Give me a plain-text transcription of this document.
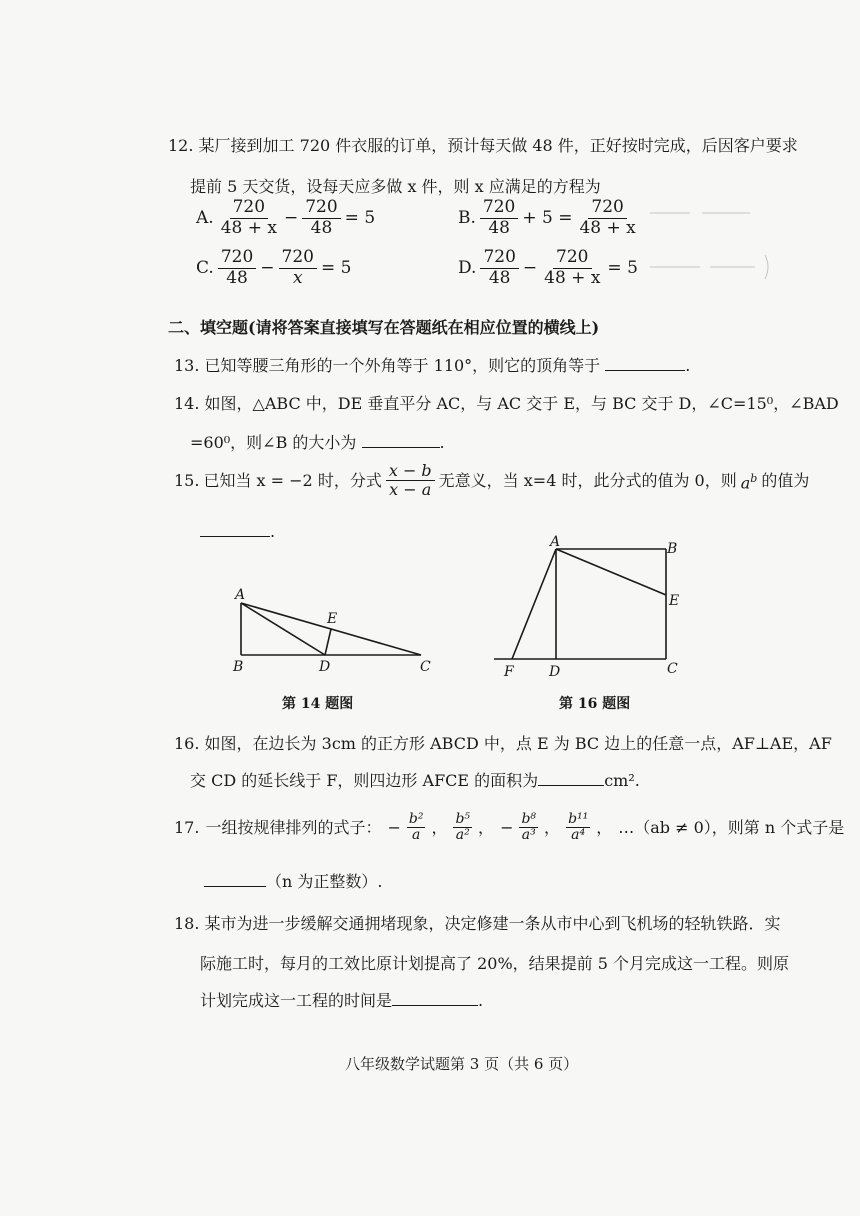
12. 某厂接到加工 720 件衣服的订单，预计每天做 48 件，正好按时完成，后因客户要求
提前 5 天交货，设每天应多做 x 件，则 x 应满足的方程为
A. $\frac{720}{48 + x} - \frac{720}{48} = 5$	B. $\frac{720}{48} + 5 = \frac{720}{48 + x}$
C. $\frac{720}{48} - \frac{720}{x} = 5$	D. $\frac{720}{48} - \frac{720}{48 + x} = 5$
二、填空题(请将答案直接填写在答题纸在相应位置的横线上)
13. 已知等腰三角形的一个外角等于 110°，则它的顶角等于	.
14. 如图，△ABC 中，DE 垂直平分 AC，与 AC 交于 E，与 BC 交于 D，∠C=15⁰，∠BAD
=60⁰，则∠B 的大小为	.
15. 已知当 x = −2 时，分式 $\frac{x - b}{x - a}$ 无意义，当 x=4 时，此分式的值为 0，则 $a^b$ 的值为
.
A
B	C
D
E
第 14 题图
A	B
C
D
E
F
第 16 题图
16. 如图，在边长为 3cm 的正方形 ABCD 中，点 E 为 BC 边上的任意一点，AF⊥AE，AF
交 CD 的延长线于 F，则四边形 AFCE 的面积为	cm².
17. 一组按规律排列的式子： − $\frac{\text{b²}}{a}$ ， $\frac{\text{b⁵}}{\text{a²}}$ ， − $\frac{\text{b⁸}}{\text{a³}}$ ， $\frac{\text{b¹¹}}{\text{a⁴}}$ ， …（ab ≠ 0），则第 n 个式子是
（n 为正整数）.
18. 某市为进一步缓解交通拥堵现象，决定修建一条从市中心到飞机场的轻轨铁路．实
际施工时，每月的工效比原计划提高了 20%，结果提前 5 个月完成这一工程。则原
计划完成这一工程的时间是	.
八年级数学试题第 3 页（共 6 页）
